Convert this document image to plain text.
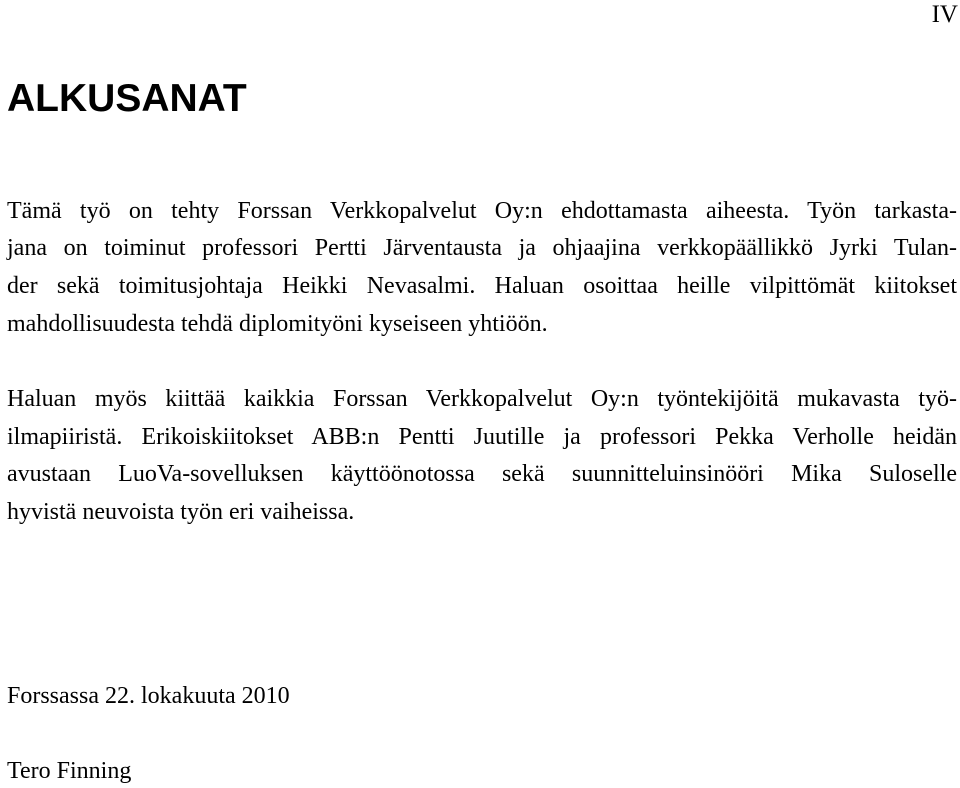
IV
ALKUSANAT

Tämä työ on tehty Forssan Verkkopalvelut Oy:n ehdottamasta aiheesta. Työn tarkasta-

jana on toiminut professori Pertti Järventausta ja ohjaajina verkkopäällikkö Jyrki Tulan-

der sekä toimitusjohtaja Heikki Nevasalmi. Haluan osoittaa heille vilpittömät kiitokset

mahdollisuudesta tehdä diplomityöni kyseiseen yhtiöön.

Haluan myös kiittää kaikkia Forssan Verkkopalvelut Oy:n työntekijöitä mukavasta työ-

ilmapiiristä. Erikoiskiitokset ABB:n Pentti Juutille ja professori Pekka Verholle heidän

avustaan LuoVa-sovelluksen käyttöönotossa sekä suunnitteluinsinööri Mika Suloselle

hyvistä neuvoista työn eri vaiheissa.

Forssassa 22. lokakuuta 2010

Tero Finning
